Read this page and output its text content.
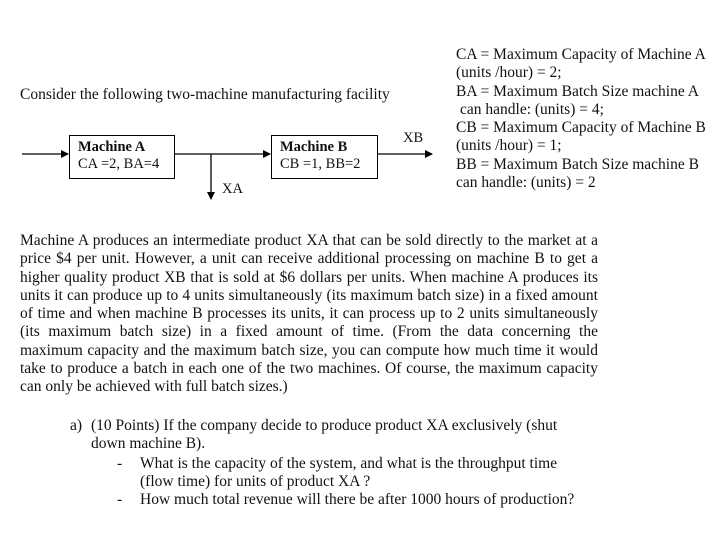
Consider the following two-machine manufacturing facility
CA = Maximum Capacity of Machine A
(units /hour) = 2;
BA = Maximum Batch Size machine A
can handle: (units) = 4;
CB = Maximum Capacity of Machine B
(units /hour) = 1;
BB = Maximum Batch Size machine B
can handle: (units) = 2
Machine A
CA =2, BA=4
Machine B
CB =1, BB=2
XA
XB
Machine A produces an intermediate product XA that can be sold directly to the market at a price $4 per unit. However, a unit can receive additional processing on machine B to get a higher quality product XB that is sold at $6 dollars per units. When machine A produces its units it can produce up to 4 units simultaneously (its maximum batch size) in a fixed amount of time and when machine B processes its units, it can process up to 2 units simultaneously (its maximum batch size) in a fixed amount of time. (From the data concerning the maximum capacity and the maximum batch size, you can compute how much time it would take to produce a batch in each one of the two machines. Of course, the maximum capacity can only be achieved with full batch sizes.)
a) (10 Points) If the company decide to produce product XA exclusively (shut down machine B).
- What is the capacity of the system, and what is the throughput time (flow time) for units of product XA ?
- How much total revenue will there be after 1000 hours of production?
